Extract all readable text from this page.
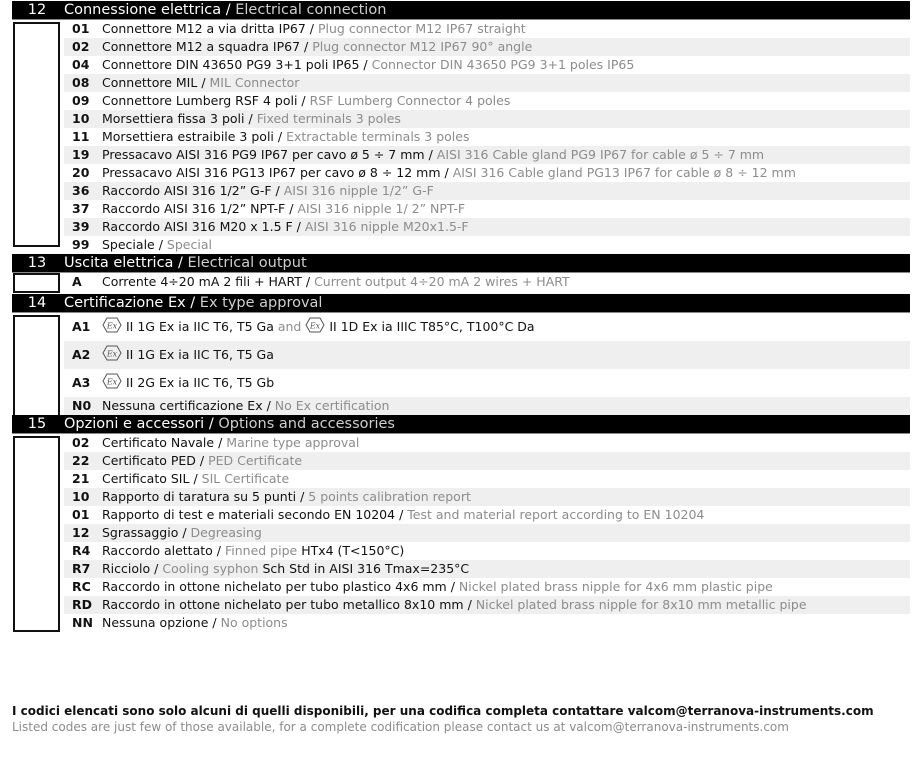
12	Connessione elettrica / Electrical connection
01 Connettore M12 a via dritta IP67 / Plug connector M12 IP67 straight
02 Connettore M12 a squadra IP67 / Plug connector M12 IP67 90° angle
04 Connettore DIN 43650 PG9 3+1 poli IP65 / Connector DIN 43650 PG9 3+1 poles IP65
08 Connettore MIL / MIL Connector
09 Connettore Lumberg RSF 4 poli / RSF Lumberg Connector 4 poles
10 Morsettiera fissa 3 poli / Fixed terminals 3 poles
11 Morsettiera estraibile 3 poli / Extractable terminals 3 poles
19 Pressacavo AISI 316 PG9 IP67 per cavo ø 5 ÷ 7 mm / AISI 316 Cable gland PG9 IP67 for cable ø 5 ÷ 7 mm
20 Pressacavo AISI 316 PG13 IP67 per cavo ø 8 ÷ 12 mm / AISI 316 Cable gland PG13 IP67 for cable ø 8 ÷ 12 mm
36 Raccordo AISI 316 1/2” G-F / AISI 316 nipple 1/2” G-F
37 Raccordo AISI 316 1/2” NPT-F / AISI 316 nipple 1/ 2” NPT-F
39 Raccordo AISI 316 M20 x 1.5 F / AISI 316 nipple M20x1.5-F
99 Speciale / Special
13	Uscita elettrica / Electrical output
A Corrente 4÷20 mA 2 fili + HART / Current output 4÷20 mA 2 wires + HART
14	Certificazione Ex / Ex type approval
A1 Ex II 1G Ex ia IIC T6, T5 Ga and Ex II 1D Ex ia IIIC T85°C, T100°C Da
A2 Ex II 1G Ex ia IIC T6, T5 Ga
A3 Ex II 2G Ex ia IIC T6, T5 Gb
N0 Nessuna certificazione Ex / No Ex certification
15	Opzioni e accessori / Options and accessories
02 Certificato Navale / Marine type approval
22 Certificato PED / PED Certificate
21 Certificato SIL / SIL Certificate
10 Rapporto di taratura su 5 punti / 5 points calibration report
01 Rapporto di test e materiali secondo EN 10204 / Test and material report according to EN 10204
12 Sgrassaggio / Degreasing
R4 Raccordo alettato / Finned pipe HTx4 (T<150°C)
R7 Ricciolo / Cooling syphon Sch Std in AISI 316 Tmax=235°C
RC Raccordo in ottone nichelato per tubo plastico 4x6 mm / Nickel plated brass nipple for 4x6 mm plastic pipe
RD Raccordo in ottone nichelato per tubo metallico 8x10 mm / Nickel plated brass nipple for 8x10 mm metallic pipe
NN Nessuna opzione / No options
I codici elencati sono solo alcuni di quelli disponibili, per una codifica completa contattare valcom@terranova-instruments.com
Listed codes are just few of those available, for a complete codification please contact us at valcom@terranova-instruments.com
